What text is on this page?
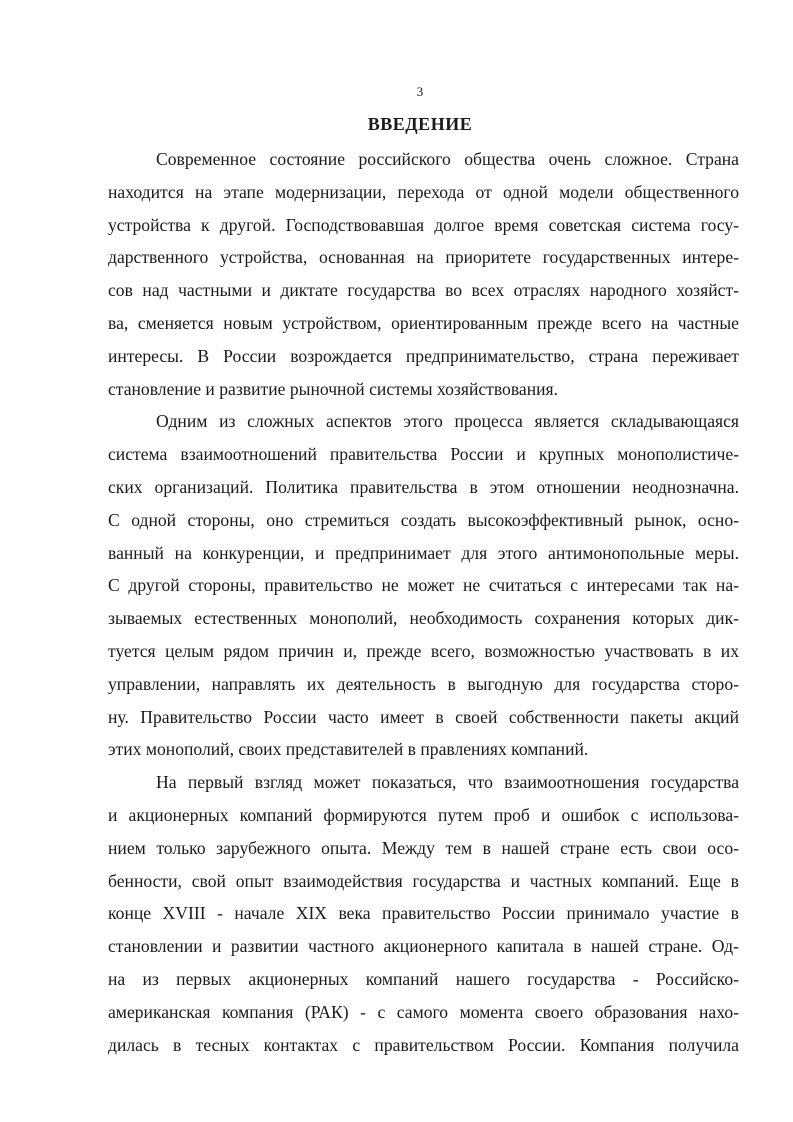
3
ВВЕДЕНИЕ
Современное состояние российского общества очень сложное. Страна
находится на этапе модернизации, перехода от одной модели общественного
устройства к другой. Господствовавшая долгое время советская система госу-
дарственного устройства, основанная на приоритете государственных интере-
сов над частными и диктате государства во всех отраслях народного хозяйст-
ва, сменяется новым устройством, ориентированным прежде всего на частные
интересы. В России возрождается предпринимательство, страна переживает
становление и развитие рыночной системы хозяйствования.
Одним из сложных аспектов этого процесса является складывающаяся
система взаимоотношений правительства России и крупных монополистиче-
ских организаций. Политика правительства в этом отношении неоднозначна.
С одной стороны, оно стремиться создать высокоэффективный рынок, осно-
ванный на конкуренции, и предпринимает для этого антимонопольные меры.
С другой стороны, правительство не может не считаться с интересами так на-
зываемых естественных монополий, необходимость сохранения которых дик-
туется целым рядом причин и, прежде всего, возможностью участвовать в их
управлении, направлять их деятельность в выгодную для государства сторо-
ну. Правительство России часто имеет в своей собственности пакеты акций
этих монополий, своих представителей в правлениях компаний.
На первый взгляд может показаться, что взаимоотношения государства
и акционерных компаний формируются путем проб и ошибок с использова-
нием только зарубежного опыта. Между тем в нашей стране есть свои осо-
бенности, свой опыт взаимодействия государства и частных компаний. Еще в
конце XVIII - начале XIX века правительство России принимало участие в
становлении и развитии частного акционерного капитала в нашей стране. Од-
на из первых акционерных компаний нашего государства - Российско-
американская компания (РАК) - с самого момента своего образования нахо-
дилась в тесных контактах с правительством России. Компания получила
